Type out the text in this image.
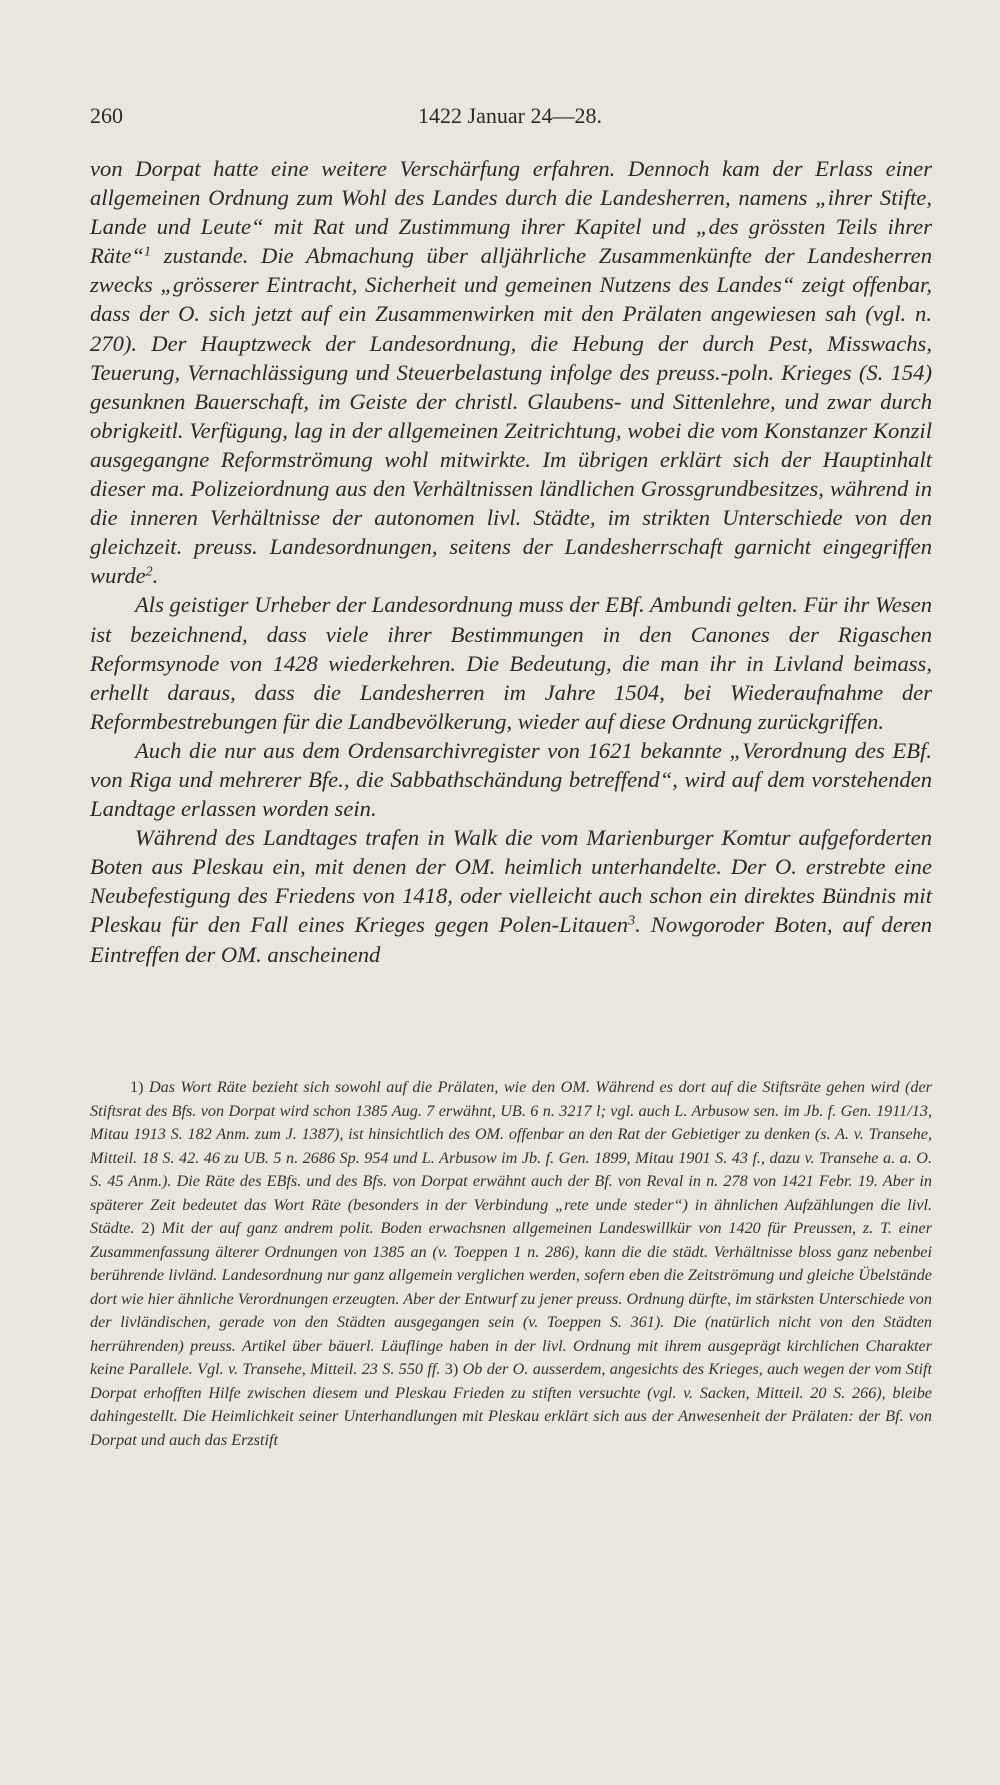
260	1422 Januar 24—28.

von Dorpat hatte eine weitere Verschärfung erfahren. Dennoch kam der Erlass einer allgemeinen Ordnung zum Wohl des Landes durch die Landesherren, namens „ihrer Stifte, Lande und Leute“ mit Rat und Zustimmung ihrer Kapitel und „des grössten Teils ihrer Räte“$^1$ zustande. Die Abmachung über alljährliche Zusammenkünfte der Landesherren zwecks „grösserer Eintracht, Sicherheit und gemeinen Nutzens des Landes“ zeigt offenbar, dass der O. sich jetzt auf ein Zusammenwirken mit den Prälaten angewiesen sah (vgl. n. 270). Der Hauptzweck der Landesordnung, die Hebung der durch Pest, Misswachs, Teuerung, Vernachlässigung und Steuerbelastung infolge des preuss.-poln. Krieges (S. 154) gesunknen Bauerschaft, im Geiste der christl. Glaubens- und Sittenlehre, und zwar durch obrigkeitl. Verfügung, lag in der allgemeinen Zeitrichtung, wobei die vom Konstanzer Konzil ausgegangne Reformströmung wohl mitwirkte. Im übrigen erklärt sich der Hauptinhalt dieser ma. Polizeiordnung aus den Verhältnissen ländlichen Grossgrundbesitzes, während in die inneren Verhältnisse der autonomen livl. Städte, im strikten Unterschiede von den gleichzeit. preuss. Landesordnungen, seitens der Landesherrschaft garnicht eingegriffen wurde$^2$.

Als geistiger Urheber der Landesordnung muss der EBf. Ambundi gelten. Für ihr Wesen ist bezeichnend, dass viele ihrer Bestimmungen in den Canones der Rigaschen Reformsynode von 1428 wiederkehren. Die Bedeutung, die man ihr in Livland beimass, erhellt daraus, dass die Landesherren im Jahre 1504, bei Wiederaufnahme der Reformbestrebungen für die Landbevölkerung, wieder auf diese Ordnung zurückgriffen.

Auch die nur aus dem Ordensarchivregister von 1621 bekannte „Verordnung des EBf. von Riga und mehrerer Bfe., die Sabbathschändung betreffend“, wird auf dem vorstehenden Landtage erlassen worden sein.

Während des Landtages trafen in Walk die vom Marienburger Komtur aufgeforderten Boten aus Pleskau ein, mit denen der OM. heimlich unterhandelte. Der O. erstrebte eine Neubefestigung des Friedens von 1418, oder vielleicht auch schon ein direktes Bündnis mit Pleskau für den Fall eines Krieges gegen Polen-Litauen$^3$. Nowgoroder Boten, auf deren Eintreffen der OM. anscheinend

1) Das Wort Räte bezieht sich sowohl auf die Prälaten, wie den OM. Während es dort auf die Stiftsräte gehen wird (der Stiftsrat des Bfs. von Dorpat wird schon 1385 Aug. 7 erwähnt, UB. 6 n. 3217 l; vgl. auch L. Arbusow sen. im Jb. f. Gen. 1911/13, Mitau 1913 S. 182 Anm. zum J. 1387), ist hinsichtlich des OM. offenbar an den Rat der Gebietiger zu denken (s. A. v. Transehe, Mitteil. 18 S. 42. 46 zu UB. 5 n. 2686 Sp. 954 und L. Arbusow im Jb. f. Gen. 1899, Mitau 1901 S. 43 f., dazu v. Transehe a. a. O. S. 45 Anm.). Die Räte des EBfs. und des Bfs. von Dorpat erwähnt auch der Bf. von Reval in n. 278 von 1421 Febr. 19. Aber in späterer Zeit bedeutet das Wort Räte (besonders in der Verbindung „rete unde steder“) in ähnlichen Aufzählungen die livl. Städte. 2) Mit der auf ganz andrem polit. Boden erwachsnen allgemeinen Landeswillkür von 1420 für Preussen, z. T. einer Zusammenfassung älterer Ordnungen von 1385 an (v. Toeppen 1 n. 286), kann die die städt. Verhältnisse bloss ganz nebenbei berührende livländ. Landesordnung nur ganz allgemein verglichen werden, sofern eben die Zeitströmung und gleiche Übelstände dort wie hier ähnliche Verordnungen erzeugten. Aber der Entwurf zu jener preuss. Ordnung dürfte, im stärksten Unterschiede von der livländischen, gerade von den Städten ausgegangen sein (v. Toeppen S. 361). Die (natürlich nicht von den Städten herrührenden) preuss. Artikel über bäuerl. Läuflinge haben in der livl. Ordnung mit ihrem ausgeprägt kirchlichen Charakter keine Parallele. Vgl. v. Transehe, Mitteil. 23 S. 550 ff. 3) Ob der O. ausserdem, angesichts des Krieges, auch wegen der vom Stift Dorpat erhofften Hilfe zwischen diesem und Pleskau Frieden zu stiften versuchte (vgl. v. Sacken, Mitteil. 20 S. 266), bleibe dahingestellt. Die Heimlichkeit seiner Unterhandlungen mit Pleskau erklärt sich aus der Anwesenheit der Prälaten: der Bf. von Dorpat und auch das Erzstift
